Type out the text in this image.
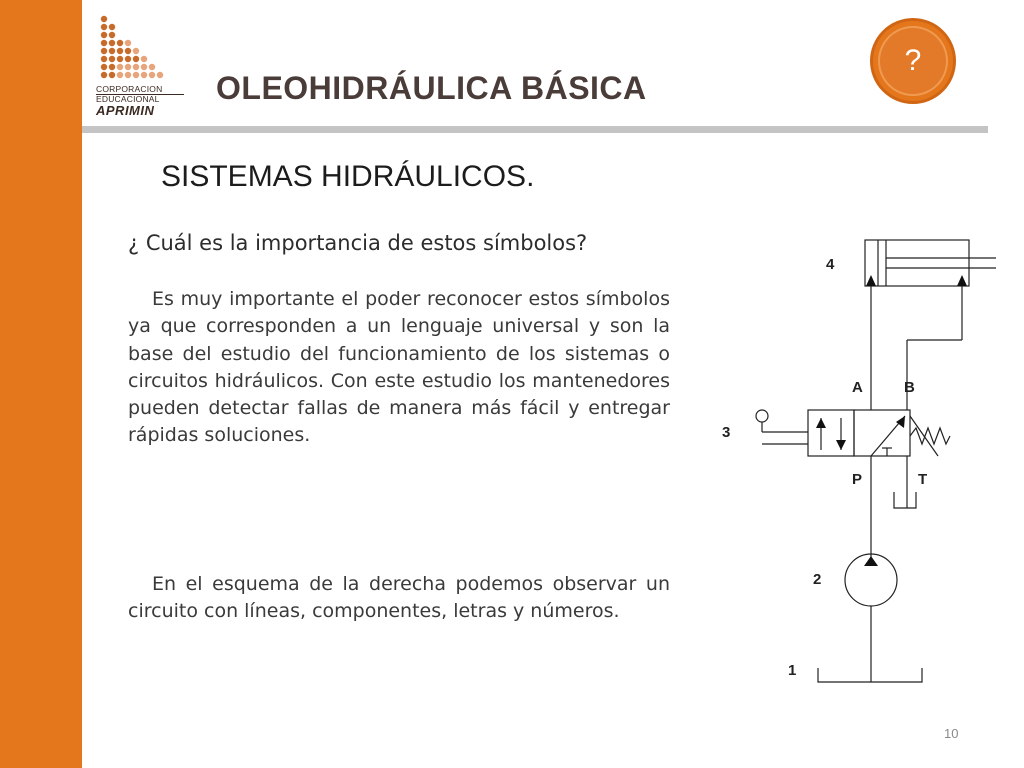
CORPORACION
EDUCACIONAL
APRIMIN
OLEOHIDRÁULICA BÁSICA
?
SISTEMAS HIDRÁULICOS.
¿ Cuál es la importancia de estos símbolos?

Es muy importante el poder reconocer estos símbolos ya que corresponden a un lenguaje universal y son la base del estudio del funcionamiento de los sistemas o circuitos hidráulicos. Con este estudio los mantenedores pueden detectar fallas de manera más fácil y entregar rápidas soluciones.

En el esquema de la derecha podemos observar un circuito con líneas, componentes, letras y números.

4
A	B
3
P	T
2
1
10
